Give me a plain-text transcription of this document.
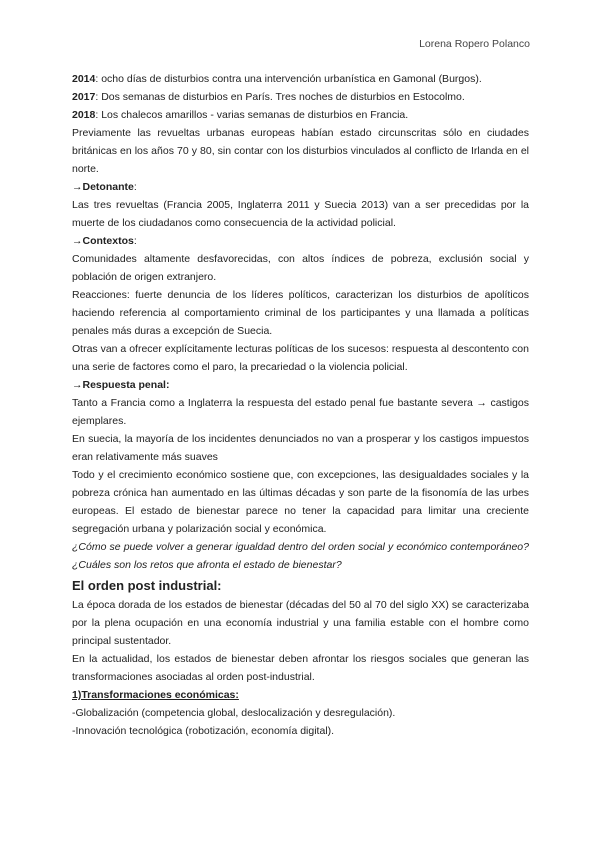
Lorena Ropero Polanco

2014: ocho días de disturbios contra una intervención urbanística en Gamonal (Burgos).

2017: Dos semanas de disturbios en París. Tres noches de disturbios en Estocolmo.

2018: Los chalecos amarillos - varias semanas de disturbios en Francia.

Previamente las revueltas urbanas europeas habían estado circunscritas sólo en ciudades británicas en los años 70 y 80, sin contar con los disturbios vinculados al conflicto de Irlanda en el norte.

→Detonante:

Las tres revueltas (Francia 2005, Inglaterra 2011 y Suecia 2013) van a ser precedidas por la muerte de los ciudadanos como consecuencia de la actividad policial.

→Contextos:

Comunidades altamente desfavorecidas, con altos índices de pobreza, exclusión social y población de origen extranjero.

Reacciones: fuerte denuncia de los líderes políticos, caracterizan los disturbios de apolíticos haciendo referencia al comportamiento criminal de los participantes y una llamada a políticas penales más duras a excepción de Suecia.

Otras van a ofrecer explícitamente lecturas políticas de los sucesos: respuesta al descontento con una serie de factores como el paro, la precariedad o la violencia policial.

→Respuesta penal:

Tanto a Francia como a Inglaterra la respuesta del estado penal fue bastante severa → castigos ejemplares.

En suecia, la mayoría de los incidentes denunciados no van a prosperar y los castigos impuestos eran relativamente más suaves

Todo y el crecimiento económico sostiene que, con excepciones, las desigualdades sociales y la pobreza crónica han aumentado en las últimas décadas y son parte de la fisonomía de las urbes europeas. El estado de bienestar parece no tener la capacidad para limitar una creciente segregación urbana y polarización social y económica.

¿Cómo se puede volver a generar igualdad dentro del orden social y económico contemporáneo? ¿Cuáles son los retos que afronta el estado de bienestar?

El orden post industrial:

La época dorada de los estados de bienestar (décadas del 50 al 70 del siglo XX) se caracterizaba por la plena ocupación en una economía industrial y una familia estable con el hombre como principal sustentador.

En la actualidad, los estados de bienestar deben afrontar los riesgos sociales que generan las transformaciones asociadas al orden post-industrial.

1)Transformaciones económicas:

-Globalización (competencia global, deslocalización y desregulación).

-Innovación tecnológica (robotización, economía digital).
